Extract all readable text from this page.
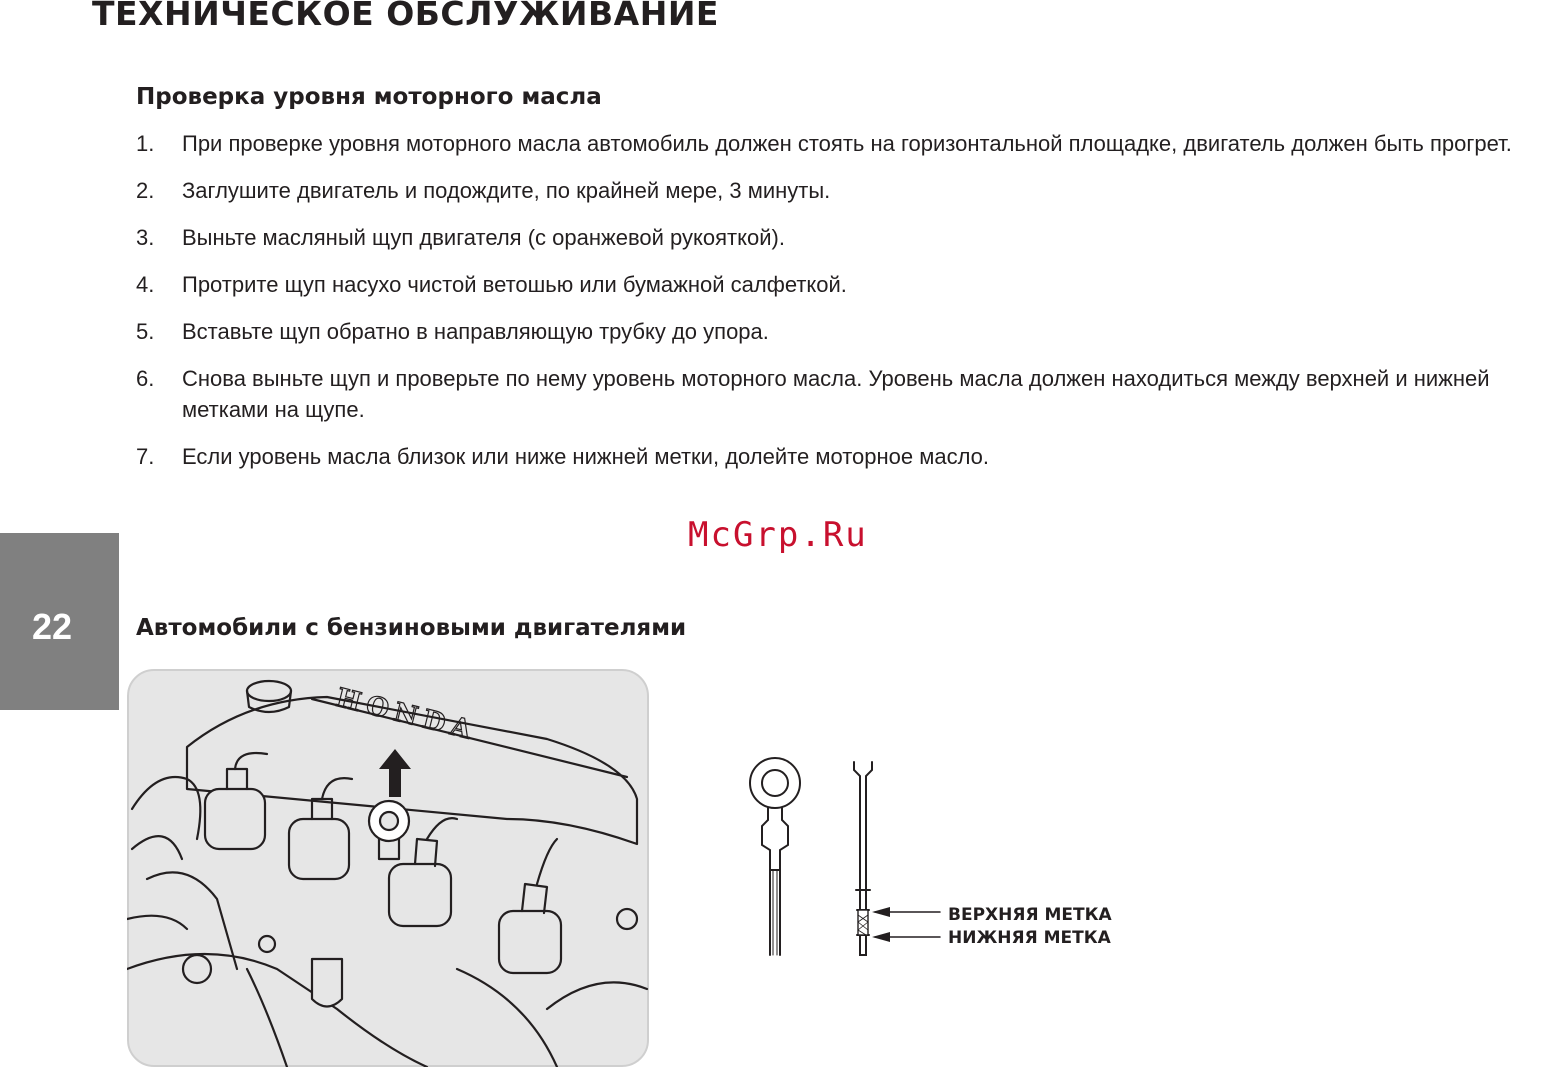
ТЕХНИЧЕСКОЕ ОБСЛУЖИВАНИЕ
Проверка уровня моторного масла
1. При проверке уровня моторного масла автомобиль должен стоять на горизонтальной площадке, двигатель должен быть прогрет.
2. Заглушите двигатель и подождите, по крайней мере, 3 минуты.
3. Выньте масляный щуп двигателя (с оранжевой рукояткой).
4. Протрите щуп насухо чистой ветошью или бумажной салфеткой.
5. Вставьте щуп обратно в направляющую трубку до упора.
6. Снова выньте щуп и проверьте по нему уровень моторного масла. Уровень масла должен находиться между верхней и нижней метками на щупе.
7. Если уровень масла близок или ниже нижней метки, долейте моторное масло.
McGrp.Ru
22	Автомобили с бензиновыми двигателями
HONDA
ВЕРХНЯЯ МЕТКА
НИЖНЯЯ МЕТКА
